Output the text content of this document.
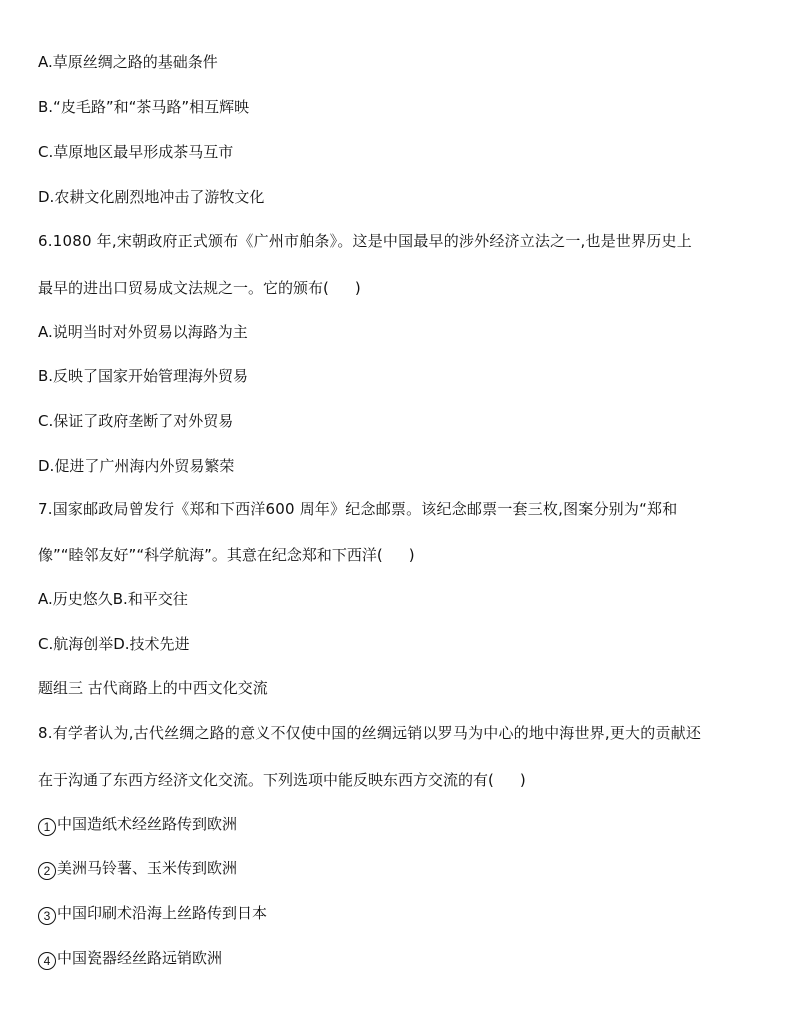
A.草原丝绸之路的基础条件
B.“皮毛路”和“茶马路”相互辉映
C.草原地区最早形成茶马互市
D.农耕文化剧烈地冲击了游牧文化
6.1080 年,宋朝政府正式颁布《广州市舶条》。这是中国最早的涉外经济立法之一,也是世界历史上
最早的进出口贸易成文法规之一。它的颁布( )
A.说明当时对外贸易以海路为主
B.反映了国家开始管理海外贸易
C.保证了政府垄断了对外贸易
D.促进了广州海内外贸易繁荣
7.国家邮政局曾发行《郑和下西洋600 周年》纪念邮票。该纪念邮票一套三枚,图案分别为“郑和
像”“睦邻友好”“科学航海”。其意在纪念郑和下西洋( )
A.历史悠久B.和平交往
C.航海创举D.技术先进
题组三 古代商路上的中西文化交流
8.有学者认为,古代丝绸之路的意义不仅使中国的丝绸远销以罗马为中心的地中海世界,更大的贡献还
在于沟通了东西方经济文化交流。下列选项中能反映东西方交流的有( )
1 中国造纸术经丝路传到欧洲
2 美洲马铃薯、玉米传到欧洲
3 中国印刷术沿海上丝路传到日本
4 中国瓷器经丝路远销欧洲
